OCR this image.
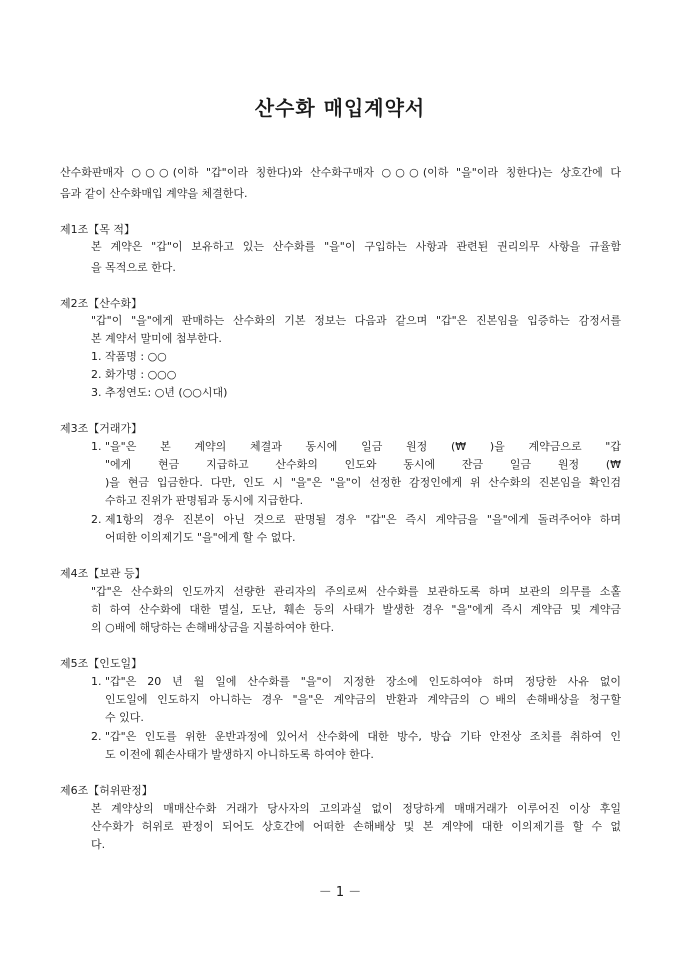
산수화 매입계약서
산수화판매자 ○○○(이하 "갑"이라 칭한다)와 산수화구매자 ○○○(이하 "을"이라 칭한다)는 상호간에 다
음과 같이 산수화매입 계약을 체결한다.
제1조【목 적】
본 계약은 "갑"이 보유하고 있는 산수화를 "을"이 구입하는 사항과 관련된 권리의무 사항을 규율함
을 목적으로 한다.
제2조【산수화】
"갑"이 "을"에게 판매하는 산수화의 기본 정보는 다음과 같으며 "갑"은 진본임을 입증하는 감정서를
본 계약서 말미에 첨부한다.
1. 작품명 : ○○
2. 화가명 : ○○○
3. 추정연도: ○년 (○○시대)
제3조【거래가】
1. "을"은 본 계약의 체결과 동시에 일금 원정 (₩ )을 계약금으로 "갑
"에게 현금 지급하고 산수화의 인도와 동시에 잔금 일금 원정 (₩
)을 현금 입금한다. 다만, 인도 시 "을"은 "을"이 선정한 감정인에게 위 산수화의 진본임을 확인검
수하고 진위가 판명됨과 동시에 지급한다.
2. 제1항의 경우 진본이 아닌 것으로 판명될 경우 "갑"은 즉시 계약금을 "을"에게 돌려주어야 하며
어떠한 이의제기도 "을"에게 할 수 없다.
제4조【보관 등】
"갑"은 산수화의 인도까지 선량한 관리자의 주의로써 산수화를 보관하도록 하며 보관의 의무를 소홀
히 하여 산수화에 대한 멸실, 도난, 훼손 등의 사태가 발생한 경우 "을"에게 즉시 계약금 및 계약금
의 ○배에 해당하는 손해배상금을 지불하여야 한다.
제5조【인도일】
1. "갑"은 20 년 월 일에 산수화를 "을"이 지정한 장소에 인도하여야 하며 정당한 사유 없이
인도일에 인도하지 아니하는 경우 "을"은 계약금의 반환과 계약금의 ○배의 손해배상을 청구할
수 있다.
2. "갑"은 인도를 위한 운반과정에 있어서 산수화에 대한 방수, 방습 기타 안전상 조치를 취하여 인
도 이전에 훼손사태가 발생하지 아니하도록 하여야 한다.
제6조【허위판정】
본 계약상의 매매산수화 거래가 당사자의 고의과실 없이 정당하게 매매거래가 이루어진 이상 후일
산수화가 허위로 판정이 되어도 상호간에 어떠한 손해배상 및 본 계약에 대한 이의제기를 할 수 없
다.
－ 1 －
